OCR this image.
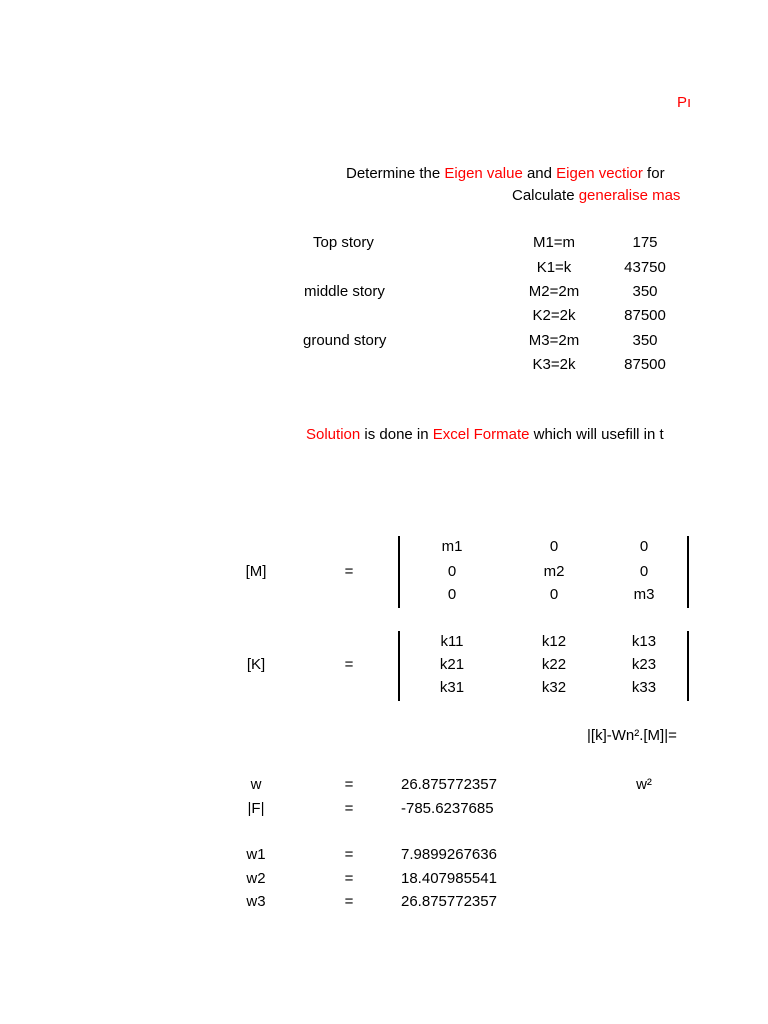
Pı
Determine the Eigen value and Eigen vectior for
Calculate generalise mas
Top story	M1=m	175
K1=k	43750
middle story	M2=2m	350
K2=2k	87500
ground story	M3=2m	350
K3=2k	87500
Solution is done in Excel Formate which will usefill in t
[M]	=
m1	0	0
0	m2	0
0	0	m3
[K]	=
k11	k12	k13
k21	k22	k23
k31	k32	k33
|[k]-Wn².[M]|=
w	=	26.875772357	w²
|F|	=	-785.6237685
w1	=	7.9899267636
w2	=	18.407985541
w3	=	26.875772357
